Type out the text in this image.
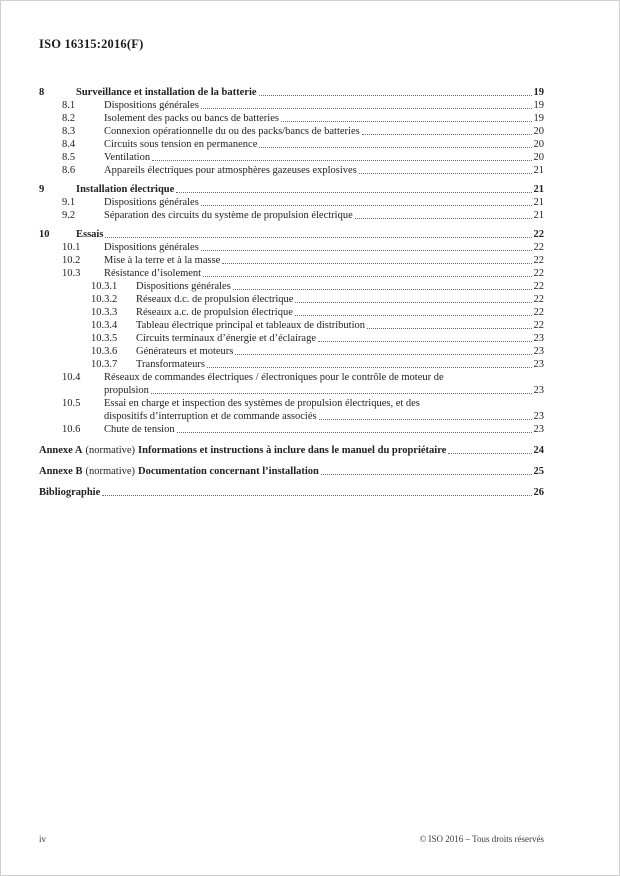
ISO 16315:2016(F)
8	Surveillance et installation de la batterie	19
8.1	Dispositions générales	19
8.2	Isolement des packs ou bancs de batteries	19
8.3	Connexion opérationnelle du ou des packs/bancs de batteries	20
8.4	Circuits sous tension en permanence	20
8.5	Ventilation	20
8.6	Appareils électriques pour atmosphères gazeuses explosives	21
9	Installation électrique	21
9.1	Dispositions générales	21
9.2	Séparation des circuits du système de propulsion électrique	21
10	Essais	22
10.1	Dispositions générales	22
10.2	Mise à la terre et à la masse	22
10.3	Résistance d’isolement	22
10.3.1	Dispositions générales	22
10.3.2	Réseaux d.c. de propulsion électrique	22
10.3.3	Réseaux a.c. de propulsion électrique	22
10.3.4	Tableau électrique principal et tableaux de distribution	22
10.3.5	Circuits terminaux d’énergie et d’éclairage	23
10.3.6	Générateurs et moteurs	23
10.3.7	Transformateurs	23
10.4	Réseaux de commandes électriques / électroniques pour le contrôle de moteur de
propulsion	23
10.5	Essai en charge et inspection des systèmes de propulsion électriques, et des
dispositifs d’interruption et de commande associés	23
10.6	Chute de tension	23
Annexe A (normative) Informations et instructions à inclure dans le manuel du propriétaire	24
Annexe B (normative) Documentation concernant l’installation	25
Bibliographie	26
iv	© ISO 2016 – Tous droits réservés
